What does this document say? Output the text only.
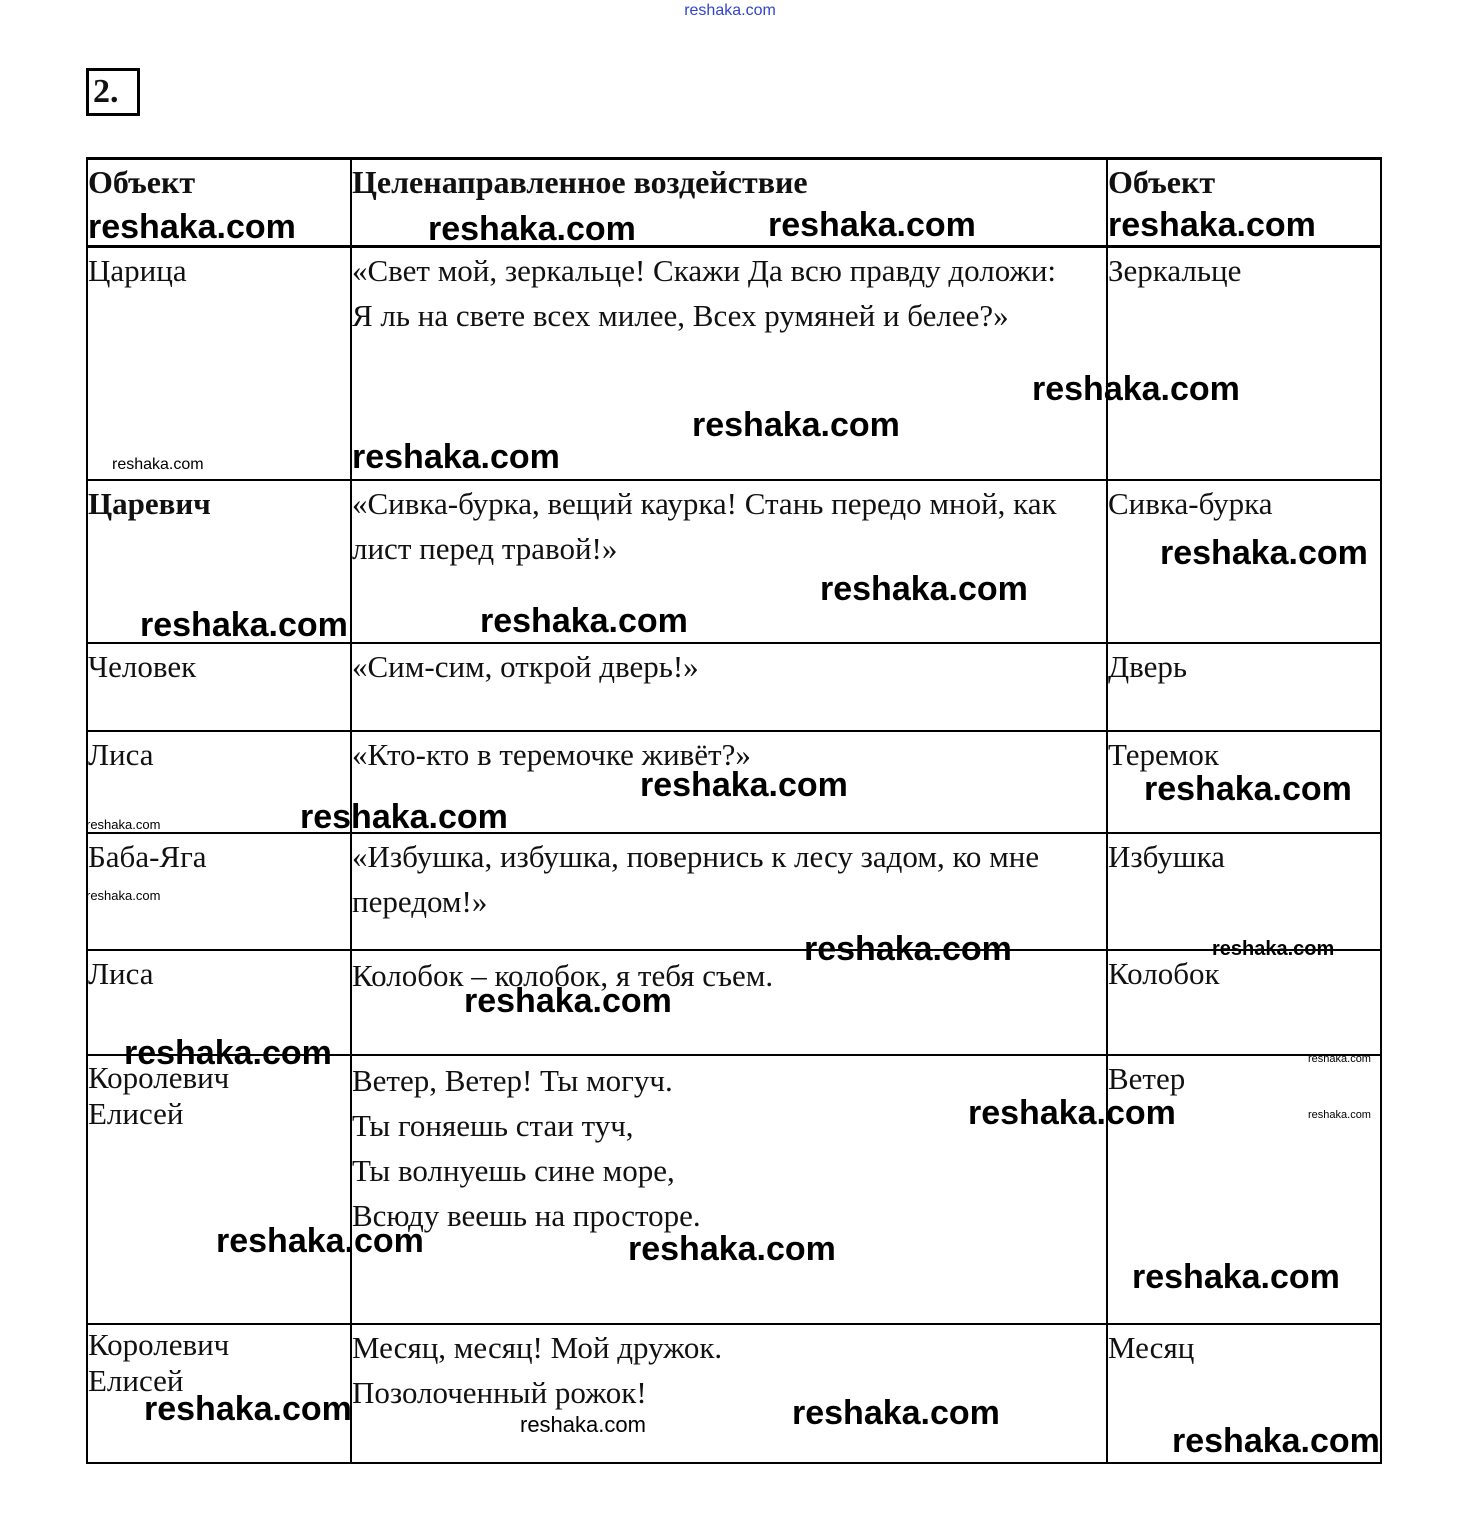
reshaka.com
2.
Объект	Целенаправленное воздействие	Объект
Царица	«Свет мой, зеркальце! Скажи Да всю правду доложи:
Я ль на свете всех милее, Всех румяней и белее?»	Зеркальце
Царевич	«Сивка-бурка, вещий каурка! Стань передо мной, как лист перед травой!»	Сивка-бурка
Человек	«Сим-сим, открой дверь!»	Дверь
Лиса	«Кто-кто в теремочке живёт?»	Теремок
Баба-Яга	«Избушка, избушка, повернись к лесу задом, ко мне передом!»	Избушка
Лиса	Колобок – колобок, я тебя съем.	Колобок

Королевич
Елисей	Ветер, Ветер! Ты могуч.
Ты гоняешь стаи туч,
Ты волнуешь сине море,
Всюду веешь на просторе.	Ветер

Королевич
Елисей	Месяц, месяц! Мой дружок.
Позолоченный рожок!	Месяц
reshaka.com	reshaka.com	reshaka.com	reshaka.com
reshaka.com
reshaka.com
reshaka.com
reshaka.com
reshaka.com
reshaka.com
reshaka.com
reshaka.com
reshaka.com	reshaka.com
reshaka.com
reshaka.com
reshaka.com
reshaka.com	reshaka.com
reshaka.com
reshaka.com	reshaka.com
reshaka.com	reshaka.com
reshaka.com	reshaka.com
reshaka.com
reshaka.com	reshaka.com
reshaka.com	reshaka.com
